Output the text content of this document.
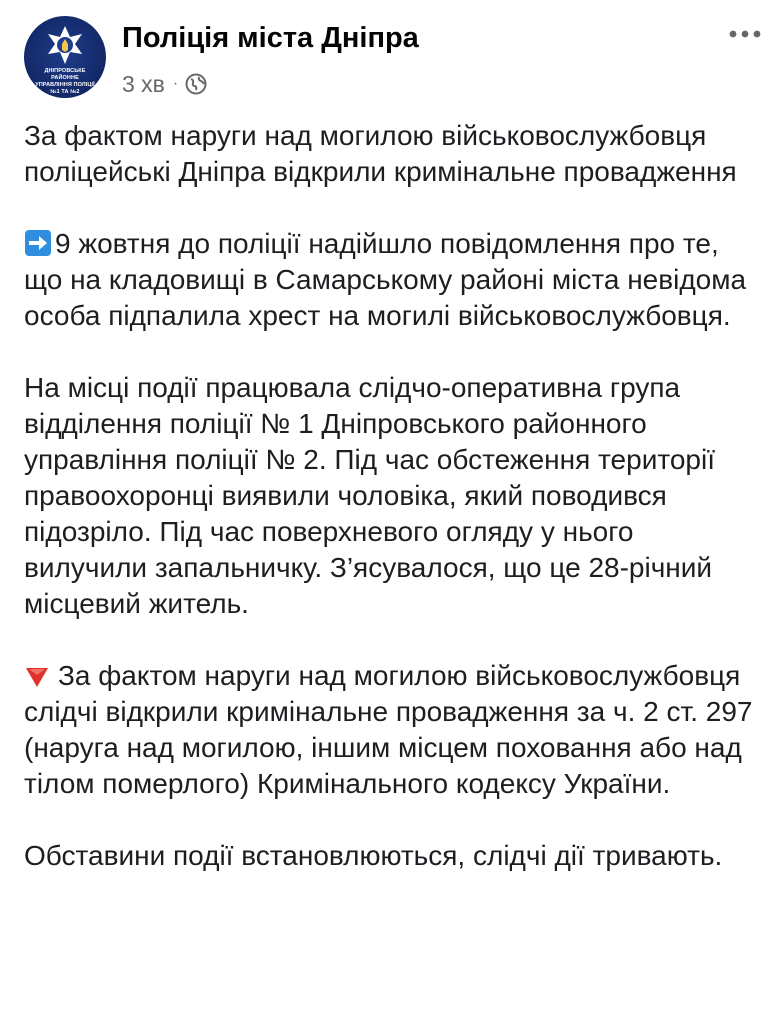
ДНІПРОВСЬКЕ РАЙОННЕ УПРАВЛІННЯ ПОЛІЦІЇ №1 ТА №2
Поліція міста Дніпра
3 хв ·

За фактом наруги над могилою військовослужбовця поліцейські Дніпра відкрили кримінальне провадження

9 жовтня до поліції надійшло повідомлення про те, що на кладовищі в Самарському районі міста невідома особа підпалила хрест на могилі військовослужбовця.

На місці події працювала слідчо-оперативна група відділення поліції № 1 Дніпровського районного управління поліції № 2. Під час обстеження території правоохоронці виявили чоловіка, який поводився підозріло. Під час поверхневого огляду у нього вилучили запальничку. З’ясувалося, що це 28-річний місцевий житель.

За фактом наруги над могилою військовослужбовця слідчі відкрили кримінальне провадження за ч. 2 ст. 297 (наруга над могилою, іншим місцем поховання або над тілом померлого) Кримінального кодексу України.

Обставини події встановлюються, слідчі дії тривають.
